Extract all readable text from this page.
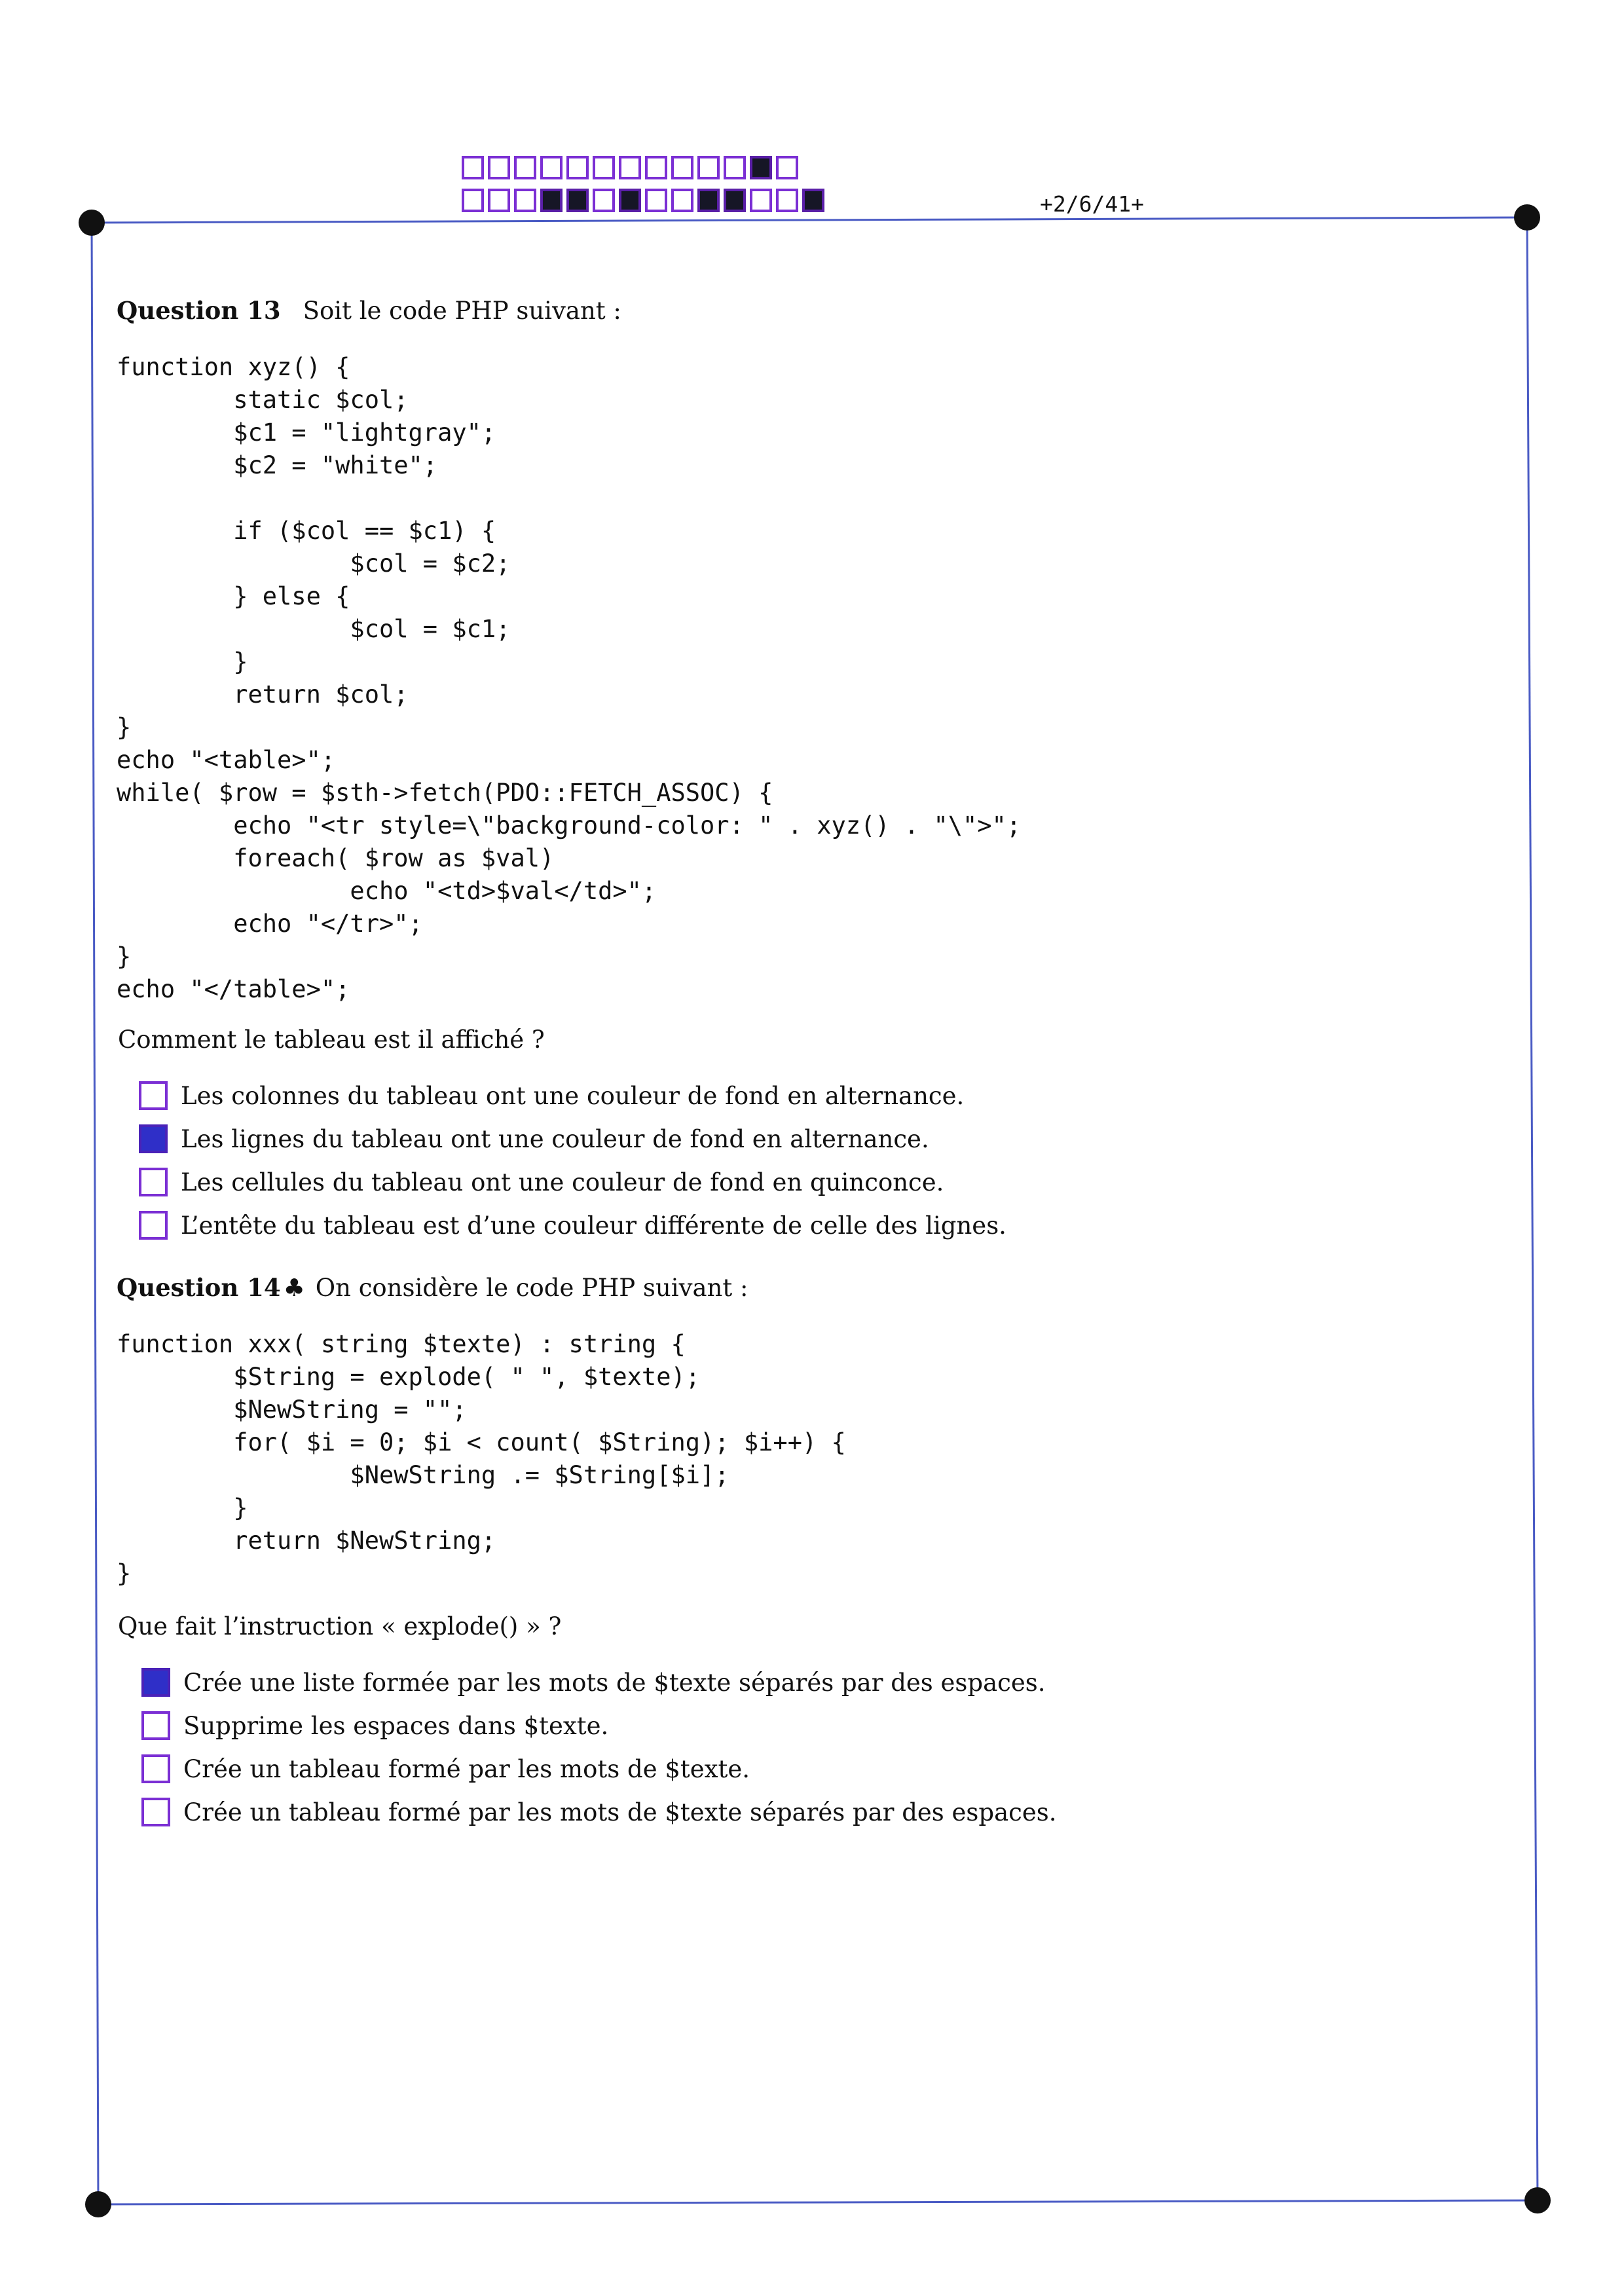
+2/6/41+
Question 13 Soit le code PHP suivant :
function xyz() {
static $col;
$c1 = "lightgray";
$c2 = "white";

if ($col == $c1) {
$col = $c2;
} else {
$col = $c1;
}
return $col;
}
echo "<table>";
while( $row = $sth->fetch(PDO::FETCH_ASSOC) {
echo "<tr style=\"background-color: " . xyz() . "\">";
foreach( $row as $val)
echo "<td>$val</td>";
echo "</tr>";
}
echo "</table>";
Comment le tableau est il affiché ?
Les colonnes du tableau ont une couleur de fond en alternance.
Les lignes du tableau ont une couleur de fond en alternance.
Les cellules du tableau ont une couleur de fond en quinconce.
L’entête du tableau est d’une couleur différente de celle des lignes.
Question 14 ♣ On considère le code PHP suivant :
function xxx( string $texte) : string {
$String = explode( " ", $texte);
$NewString = "";
for( $i = 0; $i < count( $String); $i++) {
$NewString .= $String[$i];
}
return $NewString;
}
Que fait l’instruction « explode() » ?
Crée une liste formée par les mots de $texte séparés par des espaces.
Supprime les espaces dans $texte.
Crée un tableau formé par les mots de $texte.
Crée un tableau formé par les mots de $texte séparés par des espaces.
